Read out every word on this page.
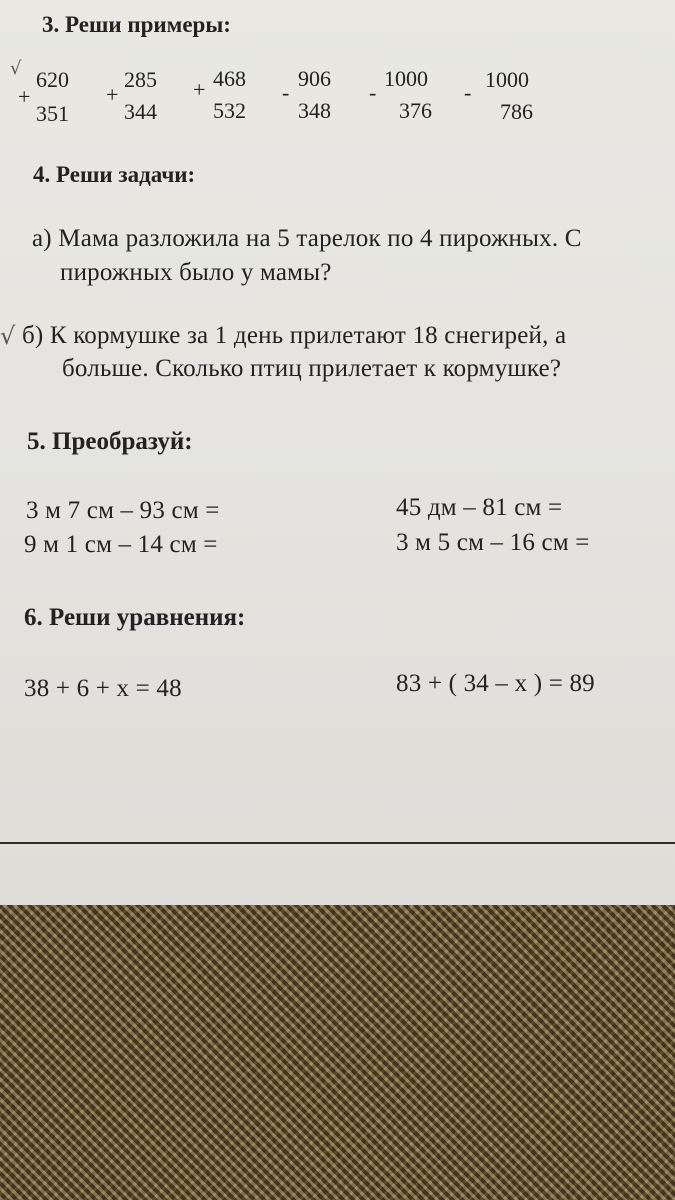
3. Реши примеры:
√
+
620
351
+
285
344
+ 468
532
-
906
348
-
1000
376
-
1000
786
4. Реши задачи:
а) Мама разложила на 5 тарелок по 4 пирожных. С
пирожных было у мамы?
√ б) К кормушке за 1 день прилетают 18 снегирей, а
больше. Сколько птиц прилетает к кормушке?
5. Преобразуй:
3 м 7 см – 93 см =	45 дм – 81 см =
9 м 1 см – 14 см =	3 м 5 см – 16 см =
6. Реши уравнения:
38 + 6 + x = 48	83 + ( 34 – x ) = 89
